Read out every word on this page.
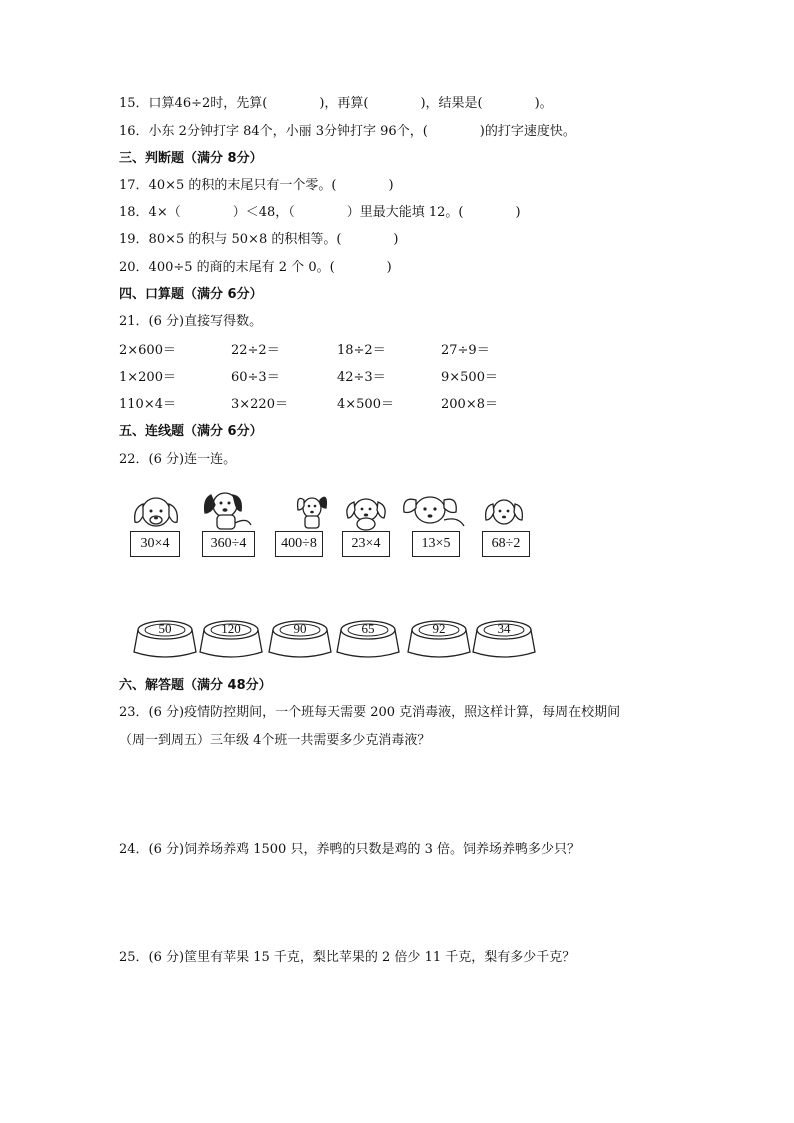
15．口算46÷2时，先算(　　　　)，再算(　　　　)，结果是(　　　　)。
16．小东 2分钟打字 84个，小丽 3分钟打字 96个，(　　　　)的打字速度快。
三、判断题（满分 8分）
17．40×5 的积的末尾只有一个零。(　　　　)
18．4×（　　　　）＜48，（　　　　）里最大能填 12。(　　　　)
19．80×5 的积与 50×8 的积相等。(　　　　)
20．400÷5 的商的末尾有 2 个 0。(　　　　)
四、口算题（满分 6分）
21．(6 分)直接写得数。
2×600＝	22÷2＝	18÷2＝	27÷9＝
1×200＝	60÷3＝	42÷3＝	9×500＝
110×4＝	3×220＝	4×500＝	200×8＝
五、连线题（满分 6分）
22．(6 分)连一连。
30×4	360÷4	400÷8	23×4	13×5	68÷2
50	120	90	65	92	34
六、解答题（满分 48分）
23．(6 分)疫情防控期间，一个班每天需要 200 克消毒液，照这样计算，每周在校期间
（周一到周五）三年级 4个班一共需要多少克消毒液？
24．(6 分)饲养场养鸡 1500 只，养鸭的只数是鸡的 3 倍。饲养场养鸭多少只？
25．(6 分)筐里有苹果 15 千克，梨比苹果的 2 倍少 11 千克，梨有多少千克？
